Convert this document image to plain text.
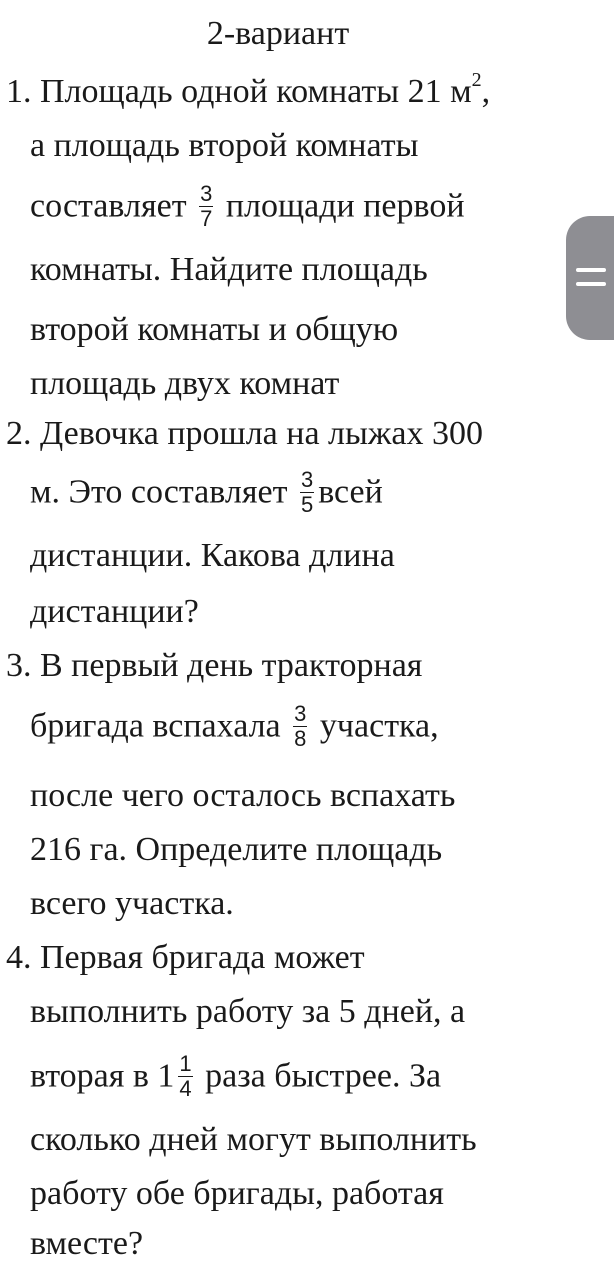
2-вариант
1. Площадь одной комнаты 21 $м^2$,
а площадь второй комнаты
составляет $\frac{3}{7}$ площади первой
комнаты. Найдите площадь
второй комнаты и общую
площадь двух комнат
2. Девочка прошла на лыжах 300
м. Это составляет $\frac{3}{5}$ всей
дистанции. Какова длина
дистанции?
3. В первый день тракторная
бригада вспахала $\frac{3}{8}$ участка,
после чего осталось вспахать
216 га. Определите площадь
всего участка.
4. Первая бригада может
выполнить работу за 5 дней, а
вторая в $1 \frac{1}{4}$ раза быстрее. За
сколько дней могут выполнить
работу обе бригады, работая
вместе?
